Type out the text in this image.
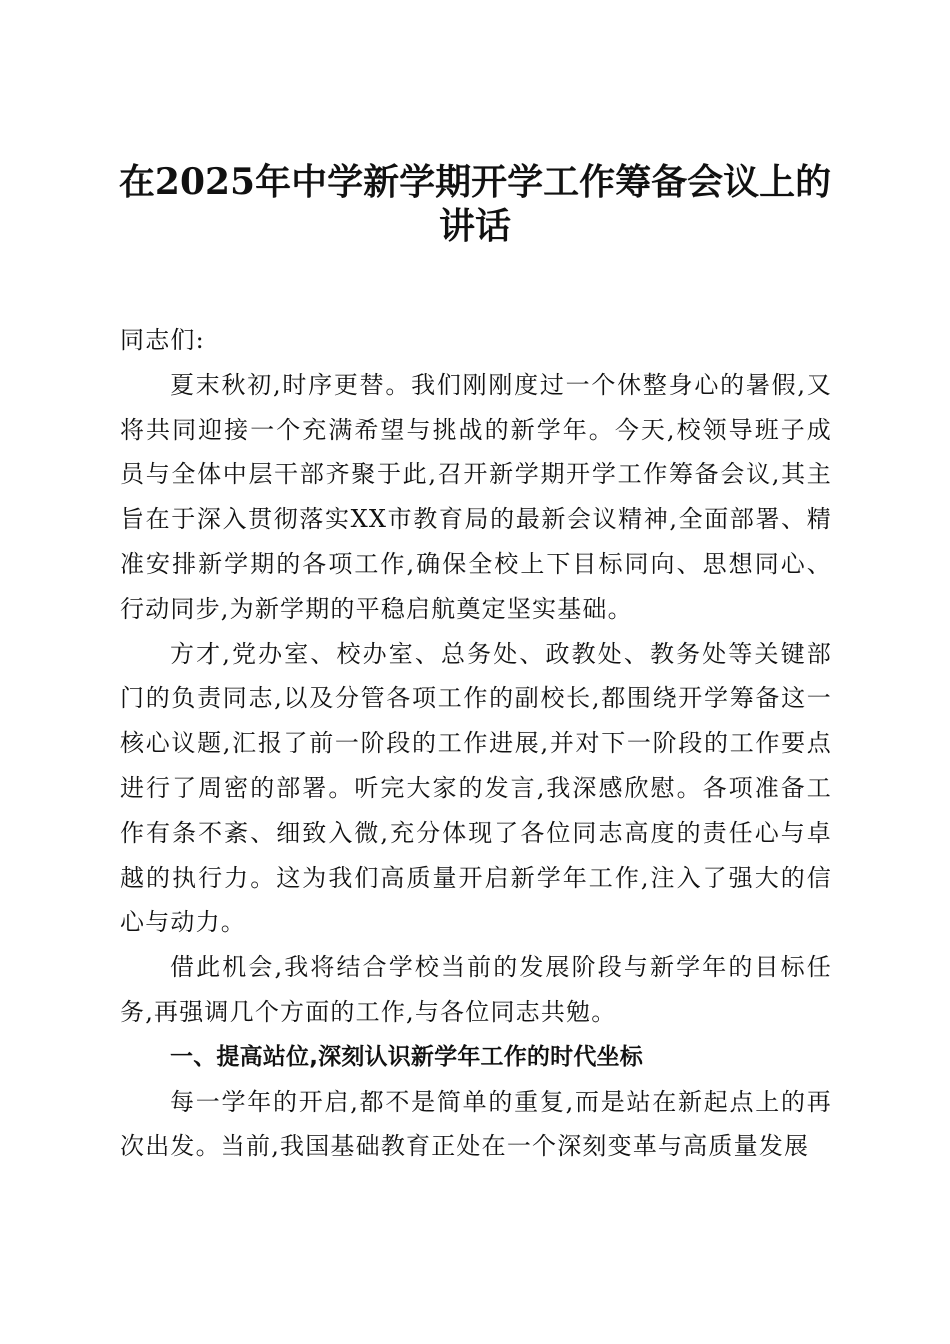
在2025年中学新学期开学工作筹备会议上的
讲话

同志们:

夏末秋初,时序更替。我们刚刚度过一个休整身心的暑假,又将共同迎接一个充满希望与挑战的新学年。今天,校领导班子成员与全体中层干部齐聚于此,召开新学期开学工作筹备会议,其主旨在于深入贯彻落实XX市教育局的最新会议精神,全面部署、精准安排新学期的各项工作,确保全校上下目标同向、思想同心、行动同步,为新学期的平稳启航奠定坚实基础。

方才,党办室、校办室、总务处、政教处、教务处等关键部门的负责同志,以及分管各项工作的副校长,都围绕开学筹备这一核心议题,汇报了前一阶段的工作进展,并对下一阶段的工作要点进行了周密的部署。听完大家的发言,我深感欣慰。各项准备工作有条不紊、细致入微,充分体现了各位同志高度的责任心与卓越的执行力。这为我们高质量开启新学年工作,注入了强大的信心与动力。

借此机会,我将结合学校当前的发展阶段与新学年的目标任务,再强调几个方面的工作,与各位同志共勉。

一、提高站位,深刻认识新学年工作的时代坐标

每一学年的开启,都不是简单的重复,而是站在新起点上的再次出发。当前,我国基础教育正处在一个深刻变革与高质量发展
